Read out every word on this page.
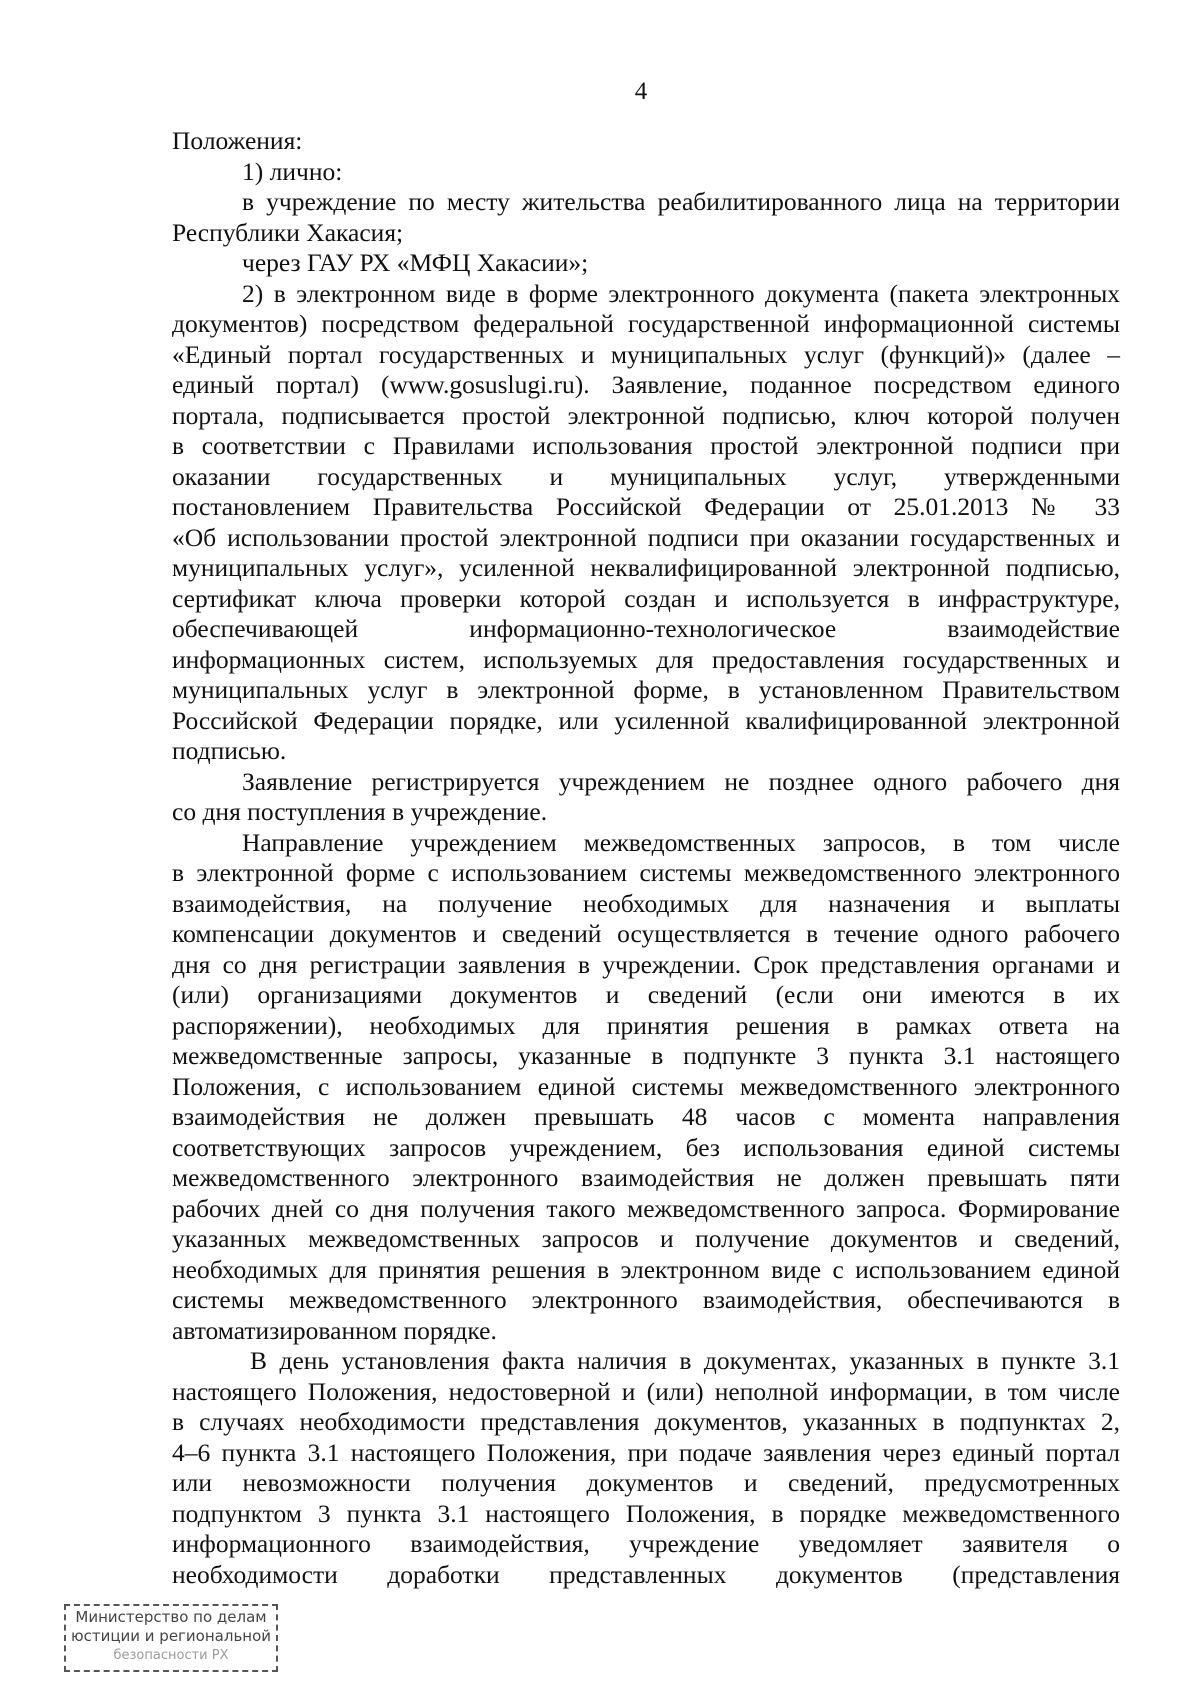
4
Положения:
1) лично:
в учреждение по месту жительства реабилитированного лица на территории
Республики Хакасия;
через ГАУ РХ «МФЦ Хакасии»;
2) в электронном виде в форме электронного документа (пакета электронных
документов) посредством федеральной государственной информационной системы
«Единый портал государственных и муниципальных услуг (функций)» (далее –
единый портал) (www.gosuslugi.ru). Заявление, поданное посредством единого
портала, подписывается простой электронной подписью, ключ которой получен
в соответствии с Правилами использования простой электронной подписи при
оказании государственных и муниципальных услуг, утвержденными
постановлением Правительства Российской Федерации от 25.01.2013 № 33
«Об использовании простой электронной подписи при оказании государственных и
муниципальных услуг», усиленной неквалифицированной электронной подписью,
сертификат ключа проверки которой создан и используется в инфраструктуре,
обеспечивающей информационно-технологическое взаимодействие
информационных систем, используемых для предоставления государственных и
муниципальных услуг в электронной форме, в установленном Правительством
Российской Федерации порядке, или усиленной квалифицированной электронной
подписью.
Заявление регистрируется учреждением не позднее одного рабочего дня
со дня поступления в учреждение.
Направление учреждением межведомственных запросов, в том числе
в электронной форме с использованием системы межведомственного электронного
взаимодействия, на получение необходимых для назначения и выплаты
компенсации документов и сведений осуществляется в течение одного рабочего
дня со дня регистрации заявления в учреждении. Срок представления органами и
(или) организациями документов и сведений (если они имеются в их
распоряжении), необходимых для принятия решения в рамках ответа на
межведомственные запросы, указанные в подпункте 3 пункта 3.1 настоящего
Положения, с использованием единой системы межведомственного электронного
взаимодействия не должен превышать 48 часов с момента направления
соответствующих запросов учреждением, без использования единой системы
межведомственного электронного взаимодействия не должен превышать пяти
рабочих дней со дня получения такого межведомственного запроса. Формирование
указанных межведомственных запросов и получение документов и сведений,
необходимых для принятия решения в электронном виде с использованием единой
системы межведомственного электронного взаимодействия, обеспечиваются в
автоматизированном порядке.
В день установления факта наличия в документах, указанных в пункте 3.1
настоящего Положения, недостоверной и (или) неполной информации, в том числе
в случаях необходимости представления документов, указанных в подпунктах 2,
4–6 пункта 3.1 настоящего Положения, при подаче заявления через единый портал
или невозможности получения документов и сведений, предусмотренных
подпунктом 3 пункта 3.1 настоящего Положения, в порядке межведомственного
информационного взаимодействия, учреждение уведомляет заявителя о
необходимости доработки представленных документов (представления
Министерство по делам
юстиции и региональной
безопасности РХ
